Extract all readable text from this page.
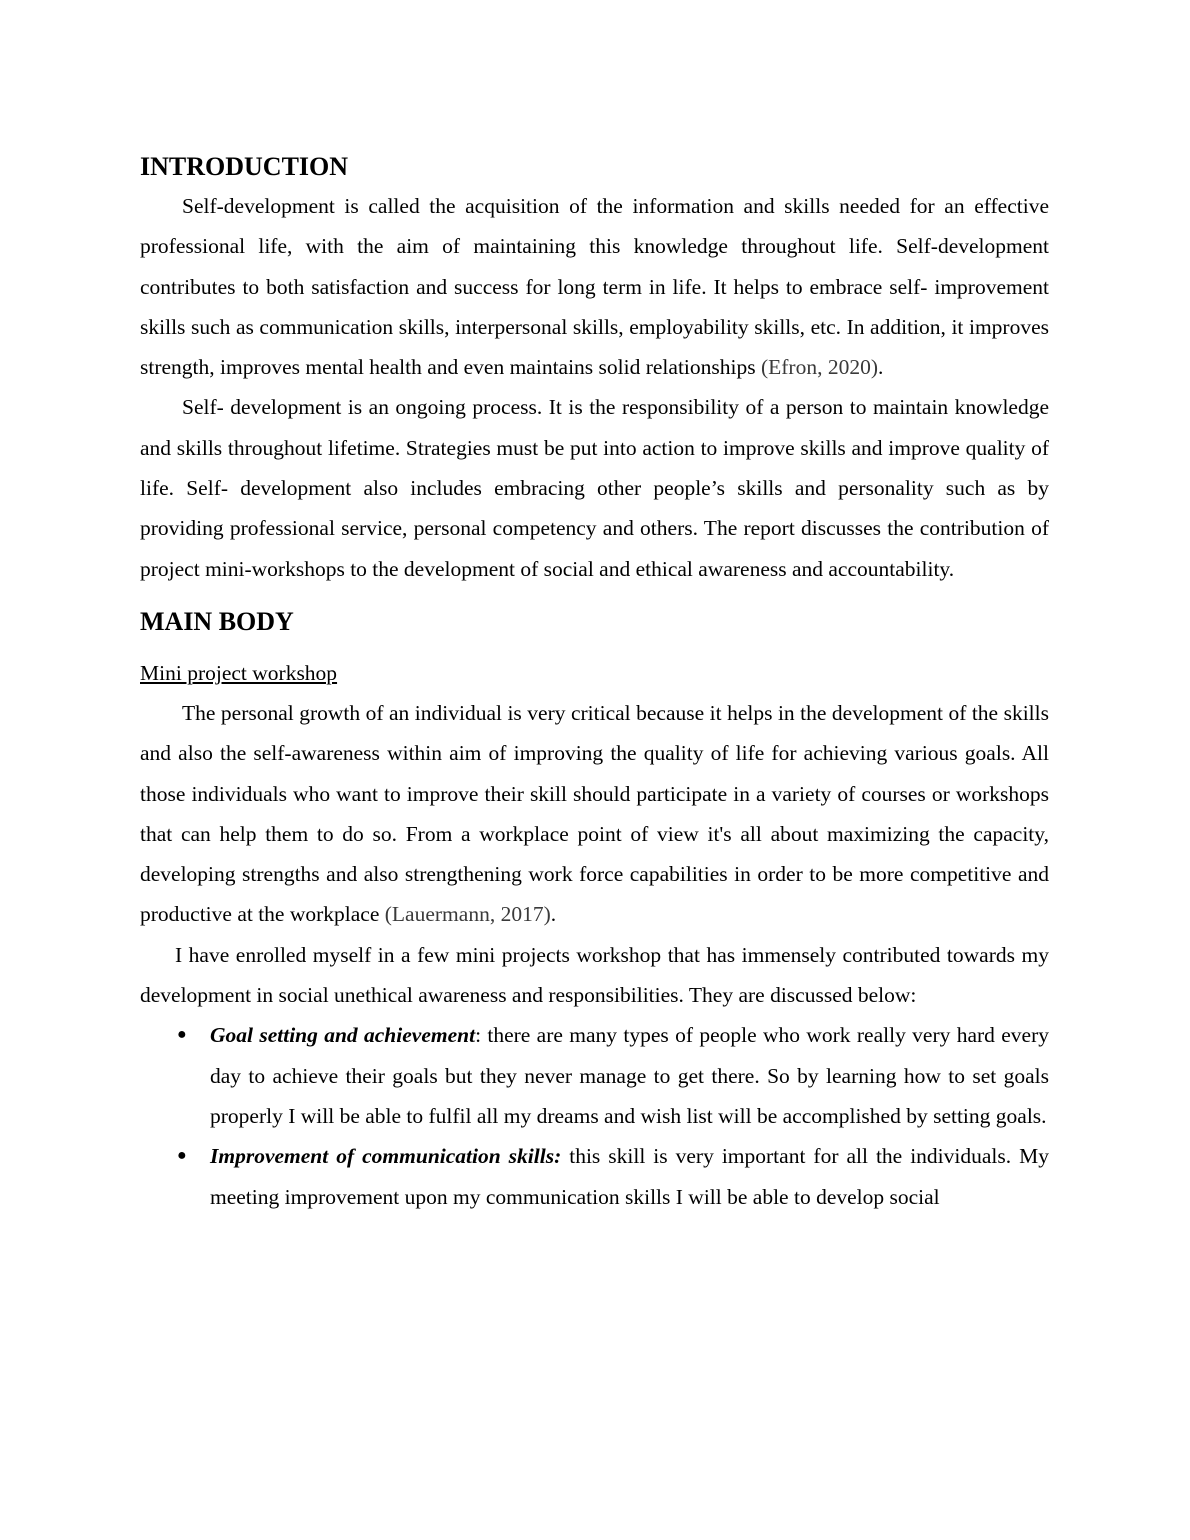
INTRODUCTION

Self-development is called the acquisition of the information and skills needed for an effective professional life, with the aim of maintaining this knowledge throughout life. Self-development contributes to both satisfaction and success for long term in life. It helps to embrace self- improvement skills such as communication skills, interpersonal skills, employability skills, etc. In addition, it improves strength, improves mental health and even maintains solid relationships (Efron, 2020).

Self- development is an ongoing process. It is the responsibility of a person to maintain knowledge and skills throughout lifetime. Strategies must be put into action to improve skills and improve quality of life. Self- development also includes embracing other people’s skills and personality such as by providing professional service, personal competency and others. The report discusses the contribution of project mini-workshops to the development of social and ethical awareness and accountability.

MAIN BODY

Mini project workshop

The personal growth of an individual is very critical because it helps in the development of the skills and also the self-awareness within aim of improving the quality of life for achieving various goals. All those individuals who want to improve their skill should participate in a variety of courses or workshops that can help them to do so. From a workplace point of view it's all about maximizing the capacity, developing strengths and also strengthening work force capabilities in order to be more competitive and productive at the workplace (Lauermann, 2017).

I have enrolled myself in a few mini projects workshop that has immensely contributed towards my development in social unethical awareness and responsibilities. They are discussed below:

● Goal setting and achievement: there are many types of people who work really very hard every day to achieve their goals but they never manage to get there. So by learning how to set goals properly I will be able to fulfil all my dreams and wish list will be accomplished by setting goals.
● Improvement of communication skills: this skill is very important for all the individuals. My meeting improvement upon my communication skills I will be able to develop social
